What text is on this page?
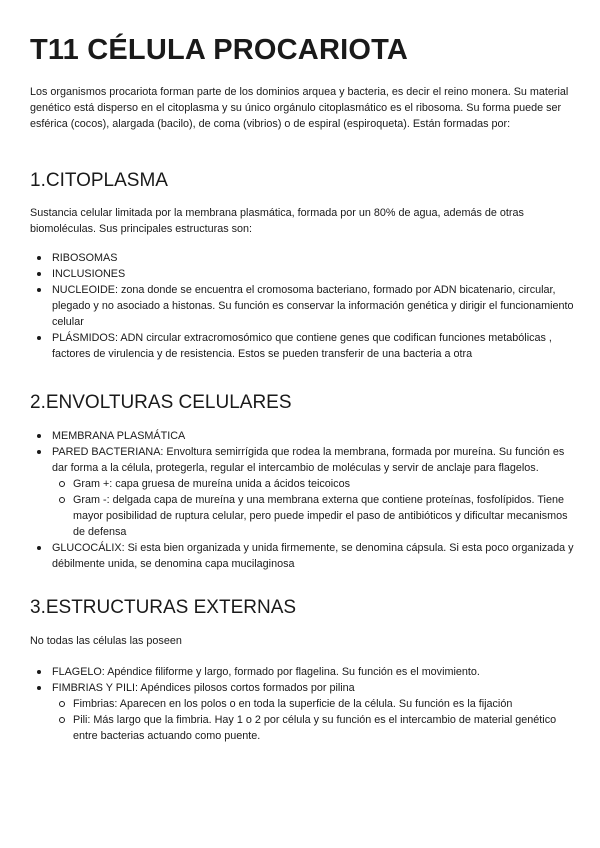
T11 CÉLULA PROCARIOTA

Los organismos procariota forman parte de los dominios arquea y bacteria, es decir el reino monera. Su material genético está disperso en el citoplasma y su único orgánulo citoplasmático es el ribosoma. Su forma puede ser esférica (cocos), alargada (bacilo), de coma (vibrios) o de espiral (espiroqueta). Están formadas por:

1.CITOPLASMA

Sustancia celular limitada por la membrana plasmática, formada por un 80% de agua, además de otras biomoléculas. Sus principales estructuras son:

RIBOSOMAS
INCLUSIONES
NUCLEOIDE: zona donde se encuentra el cromosoma bacteriano, formado por ADN bicatenario, circular, plegado y no asociado a histonas. Su función es conservar la información genética y dirigir el funcionamiento celular
PLÁSMIDOS: ADN circular extracromosómico que contiene genes que codifican funciones metabólicas , factores de virulencia y de resistencia. Estos se pueden transferir de una bacteria a otra
2.ENVOLTURAS CELULARES
MEMBRANA PLASMÁTICA
PARED BACTERIANA: Envoltura semirrígida que rodea la membrana, formada por mureína. Su función es dar forma a la célula, protegerla, regular el intercambio de moléculas y servir de anclaje para flagelos.
Gram +: capa gruesa de mureína unida a ácidos teicoicos
Gram -: delgada capa de mureína y una membrana externa que contiene proteínas, fosfolípidos. Tiene mayor posibilidad de ruptura celular, pero puede impedir el paso de antibióticos y dificultar mecanismos de defensa
GLUCOCÁLIX: Si esta bien organizada y unida firmemente, se denomina cápsula. Si esta poco organizada y débilmente unida, se denomina capa mucilaginosa
3.ESTRUCTURAS EXTERNAS

No todas las células las poseen

FLAGELO: Apéndice filiforme y largo, formado por flagelina. Su función es el movimiento.
FIMBRIAS Y PILI: Apéndices pilosos cortos formados por pilina
Fimbrias: Aparecen en los polos o en toda la superficie de la célula. Su función es la fijación
Pili: Más largo que la fimbria. Hay 1 o 2 por célula y su función es el intercambio de material genético entre bacterias actuando como puente.
